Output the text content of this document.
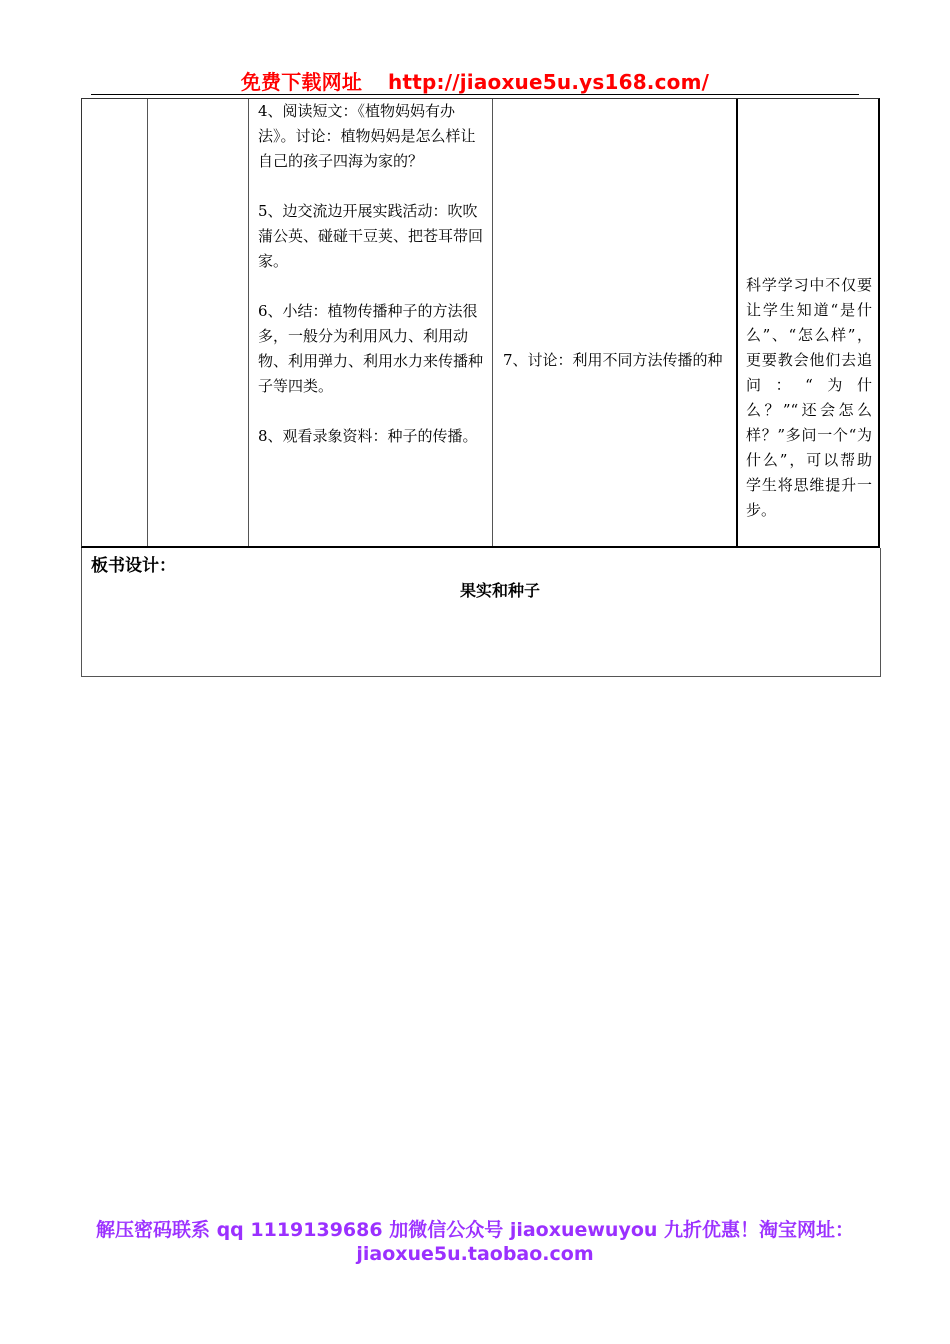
免费下载网址 http://jiaoxue5u.ys168.com/

4、阅读短文：《植物妈妈有办法》。讨论：植物妈妈是怎么样让自己的孩子四海为家的？

5、边交流边开展实践活动：吹吹蒲公英、碰碰干豆荚、把苍耳带回家。

6、小结：植物传播种子的方法很多，一般分为利用风力、利用动物、利用弹力、利用水力来传播种子等四类。

8、观看录象资料：种子的传播。

7、讨论：利用不同方法传播的种

科学学习中不仅要让学生知道“是什么”、“怎么样”，更要教会他们去追问：“为什么？”“还会怎么样？”多问一个“为什么”，可以帮助学生将思维提升一步。

板书设计：
果实和种子
解压密码联系 qq 1119139686 加微信公众号 jiaoxuewuyou 九折优惠！淘宝网址：
jiaoxue5u.taobao.com
